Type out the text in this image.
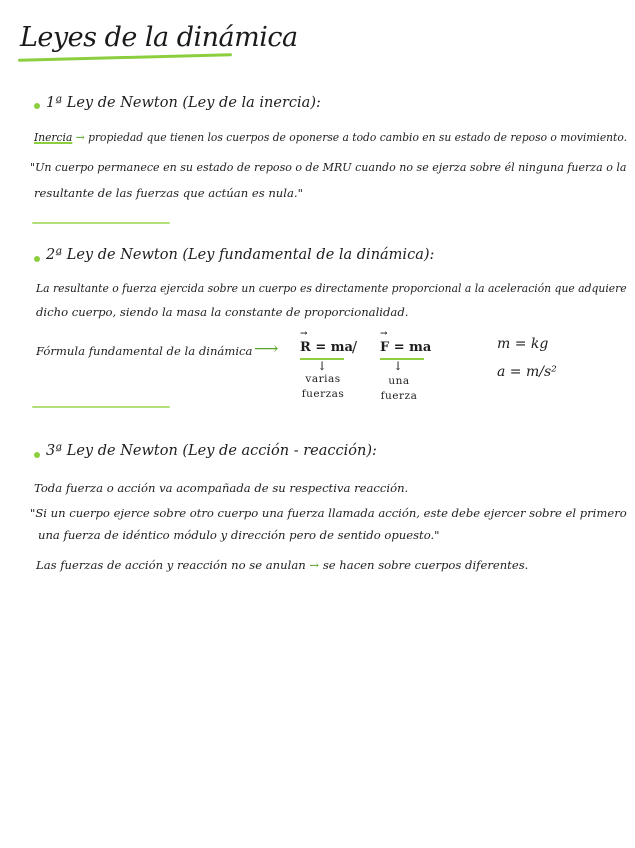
Leyes de la dinámica
1ª Ley de Newton (Ley de la inercia):
Inercia → propiedad que tienen los cuerpos de oponerse a todo cambio en su estado de reposo o movimiento.
"Un cuerpo permanece en su estado de reposo o de MRU cuando no se ejerza sobre él ninguna fuerza o la
resultante de las fuerzas que actúan es nula."
2ª Ley de Newton (Ley fundamental de la dinámica):
La resultante o fuerza ejercida sobre un cuerpo es directamente proporcional a la aceleración que adquiere
dicho cuerpo, siendo la masa la constante de proporcionalidad.
Fórmula fundamental de la dinámica ⟶ → R = ma / → F = ma
↓	↓
varias fuerzas
una fuerza
m = kg
a = m/s²
3ª Ley de Newton (Ley de acción - reacción):
Toda fuerza o acción va acompañada de su respectiva reacción.
"Si un cuerpo ejerce sobre otro cuerpo una fuerza llamada acción, este debe ejercer sobre el primero
una fuerza de idéntico módulo y dirección pero de sentido opuesto."
Las fuerzas de acción y reacción no se anulan → se hacen sobre cuerpos diferentes.
